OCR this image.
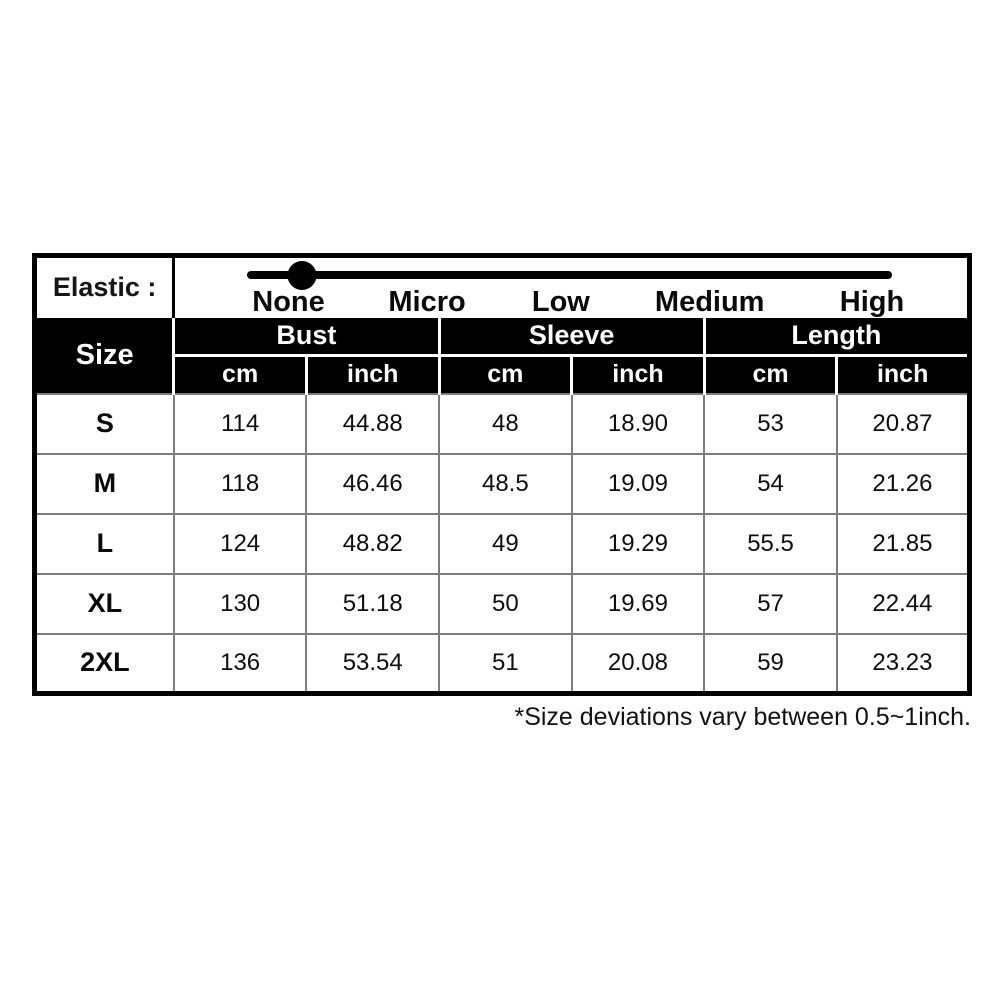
Elastic :	None Micro Low Medium High					

Size	Bust		Sleeve		Length	
	cm	inch	cm	inch	cm	inch
S	114	44.88	48	18.90	53	20.87
M	118	46.46	48.5	19.09	54	21.26
L	124	48.82	49	19.29	55.5	21.85
XL	130	51.18	50	19.69	57	22.44
2XL	136	53.54	51	20.08	59	23.23
*Size deviations vary between 0.5~1inch.
